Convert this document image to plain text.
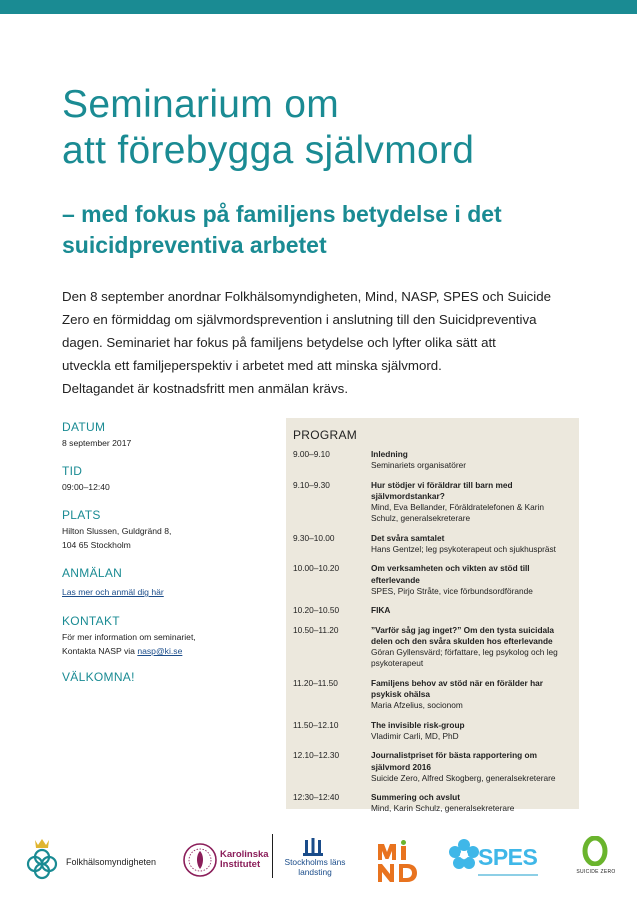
Seminarium om
att förebygga självmord
– med fokus på familjens betydelse i det
suicidpreventiva arbetet
Den 8 september anordnar Folkhälsomyndigheten, Mind, NASP, SPES och Suicide
Zero en förmiddag om självmordsprevention i anslutning till den Suicidpreventiva
dagen. Seminariet har fokus på familjens betydelse och lyfter olika sätt att
utveckla ett familjeperspektiv i arbetet med att minska självmord.
Deltagandet är kostnadsfritt men anmälan krävs.
DATUM
8 september 2017
TID
09:00–12:40
PLATS
Hilton Slussen, Guldgränd 8,
104 65 Stockholm
ANMÄLAN
Las mer och anmäl dig här
KONTAKT
För mer information om seminariet,
Kontakta NASP via nasp@ki.se
VÄLKOMNA!
PROGRAM
9.00–9.10	Inledning
Seminariets organisatörer
9.10–9.30	Hur stödjer vi föräldrar till barn med självmordstankar?
Mind, Eva Bellander, Föräldratelefonen & Karin Schulz, generalsekreterare
9.30–10.00	Det svåra samtalet
Hans Gentzel; leg psykoterapeut och sjukhuspräst
10.00–10.20	Om verksamheten och vikten av stöd till efterlevande
SPES, Pirjo Stråte, vice förbundsordförande
10.20–10.50	FIKA
10.50–11.20	”Varför såg jag inget?” Om den tysta suicidala delen och den svåra skulden hos efterlevande
Göran Gyllensvärd; författare, leg psykolog och leg psykoterapeut
11.20–11.50	Familjens behov av stöd när en förälder har psykisk ohälsa
Maria Afzelius, socionom
11.50–12.10	The invisible risk-group
Vladimir Carli, MD, PhD
12.10–12.30	Journalistpriset för bästa rapportering om självmord 2016
Suicide Zero, Alfred Skogberg, generalsekreterare
12:30–12:40	Summering och avslut
Mind, Karin Schulz, generalsekreterare
Folkhälsomyndigheten
Karolinska
Institutet	Stockholms läns
landsting
SPES
SUICIDE ZERO
